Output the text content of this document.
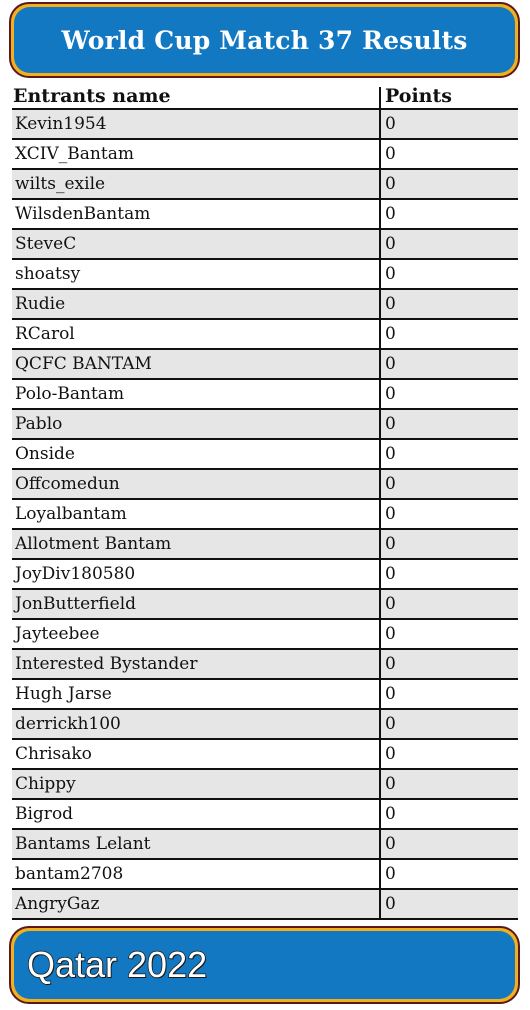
World Cup Match 37 Results
Entrants name	Points
Kevin1954	0
XCIV_Bantam	0
wilts_exile	0
WilsdenBantam	0
SteveC	0
shoatsy	0
Rudie	0
RCarol	0
QCFC BANTAM	0
Polo-Bantam	0
Pablo	0
Onside	0
Offcomedun	0
Loyalbantam	0
Allotment Bantam	0
JoyDiv180580	0
JonButterfield	0
Jayteebee	0
Interested Bystander	0
Hugh Jarse	0
derrickh100	0
Chrisako	0
Chippy	0
Bigrod	0
Bantams Lelant	0
bantam2708	0
AngryGaz	0
Qatar 2022
